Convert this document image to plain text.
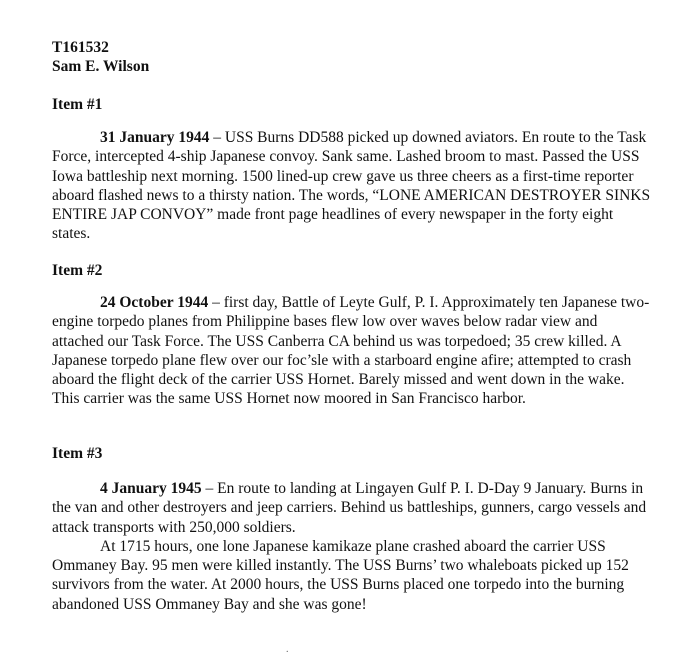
T161532
Sam E. Wilson
Item #1

31 January 1944 – USS Burns DD588 picked up downed aviators. En route to the Task Force, intercepted 4-ship Japanese convoy. Sank same. Lashed broom to mast. Passed the USS Iowa battleship next morning. 1500 lined-up crew gave us three cheers as a first-time reporter aboard flashed news to a thirsty nation. The words, “LONE AMERICAN DESTROYER SINKS ENTIRE JAP CONVOY” made front page headlines of every newspaper in the forty eight states.

Item #2

24 October 1944 – first day, Battle of Leyte Gulf, P. I. Approximately ten Japanese two-engine torpedo planes from Philippine bases flew low over waves below radar view and attached our Task Force. The USS Canberra CA behind us was torpedoed; 35 crew killed. A Japanese torpedo plane flew over our foc’sle with a starboard engine afire; attempted to crash aboard the flight deck of the carrier USS Hornet. Barely missed and went down in the wake. This carrier was the same USS Hornet now moored in San Francisco harbor.

Item #3

4 January 1945 – En route to landing at Lingayen Gulf P. I. D-Day 9 January. Burns in the van and other destroyers and jeep carriers. Behind us battleships, gunners, cargo vessels and attack transports with 250,000 soldiers.
At 1715 hours, one lone Japanese kamikaze plane crashed aboard the carrier USS Ommaney Bay. 95 men were killed instantly. The USS Burns’ two whaleboats picked up 152 survivors from the water. At 2000 hours, the USS Burns placed one torpedo into the burning abandoned USS Ommaney Bay and she was gone!

.
